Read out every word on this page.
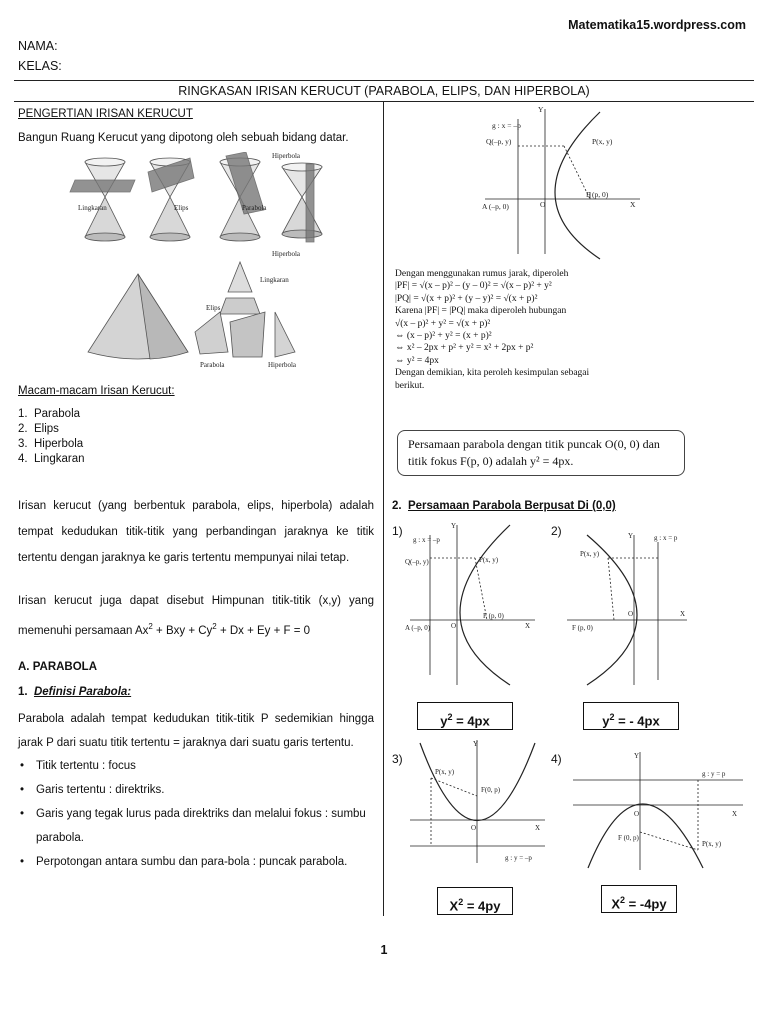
Matematika15.wordpress.com
NAMA:
KELAS:
RINGKASAN IRISAN KERUCUT (PARABOLA, ELIPS, DAN HIPERBOLA)
PENGERTIAN IRISAN KERUCUT
Bangun Ruang Kerucut yang dipotong oleh sebuah bidang datar.
Hiperbola
Lingkaran	Elips	Parabola
Hiperbola
Lingkaran
Elips
Parabola	Hiperbola
Macam-macam Irisan Kerucut:
1.  Parabola
2.  Elips
3.  Hiperbola
4.  Lingkaran
Irisan kerucut (yang berbentuk parabola, elips, hiperbola) adalah tempat kedudukan titik-titik yang perbandingan jaraknya ke titik tertentu dengan jaraknya ke garis tertentu mempunyai nilai tetap.
Irisan kerucut juga dapat disebut Himpunan titik-titik (x,y) yang memenuhi persamaan $Ax^2$ + Bxy + $Cy^2 + Dx + Ey + F = 0$
A. PARABOLA
1. Definisi Parabola:
Parabola adalah tempat kedudukan titik-titik P sedemikian hingga jarak P dari suatu titik tertentu = jaraknya dari suatu garis tertentu.
• Titik tertentu : focus
• Garis tertentu : direktriks.
• Garis yang tegak lurus pada direktriks dan melalui fokus : sumbu parabola.
• Perpotongan antara sumbu dan para-bola : puncak parabola.
g : x = –p
Y
X
O
Q(–p, y)	P(x, y)
A (–p, 0)
F (p, 0)
Dengan menggunakan rumus jarak, diperoleh
|PF| = √(x – p)² – (y – 0)² = √(x – p)² + y²
|PQ| = √(x + p)² + (y – y)² = √(x + p)²
Karena |PF| = |PQ| maka diperoleh hubungan
√(x – p)² + y² = √(x + p)²
⇔ (x – p)² + y² = (x + p)²
⇔ x² – 2px + p² + y² = x² + 2px + p²
⇔ y² = 4px
Dengan demikian, kita peroleh kesimpulan sebagai
berikut.
Persamaan parabola dengan titik puncak O(0, 0) dan titik fokus F(p, 0) adalah y² = 4px.
2. Persamaan Parabola Berpusat Di (0,0)
1)
g : x = –p
Y
X
O
Q(–p, y)	P(x, y)
A (–p, 0)
F (p, 0)
$y^2 = 4px$
2)	g : x = p
Y
X
O
P(x, y)
F (p, 0)
$y^2$ = - 4px
3)
Y
X
O
P(x, y)
F(0, p)
g : y = –p
$X^2 = 4py$
4)
g : y = p
Y
X
O
F (0, p)
P(x, y)
$X^2 = -4py$
1
